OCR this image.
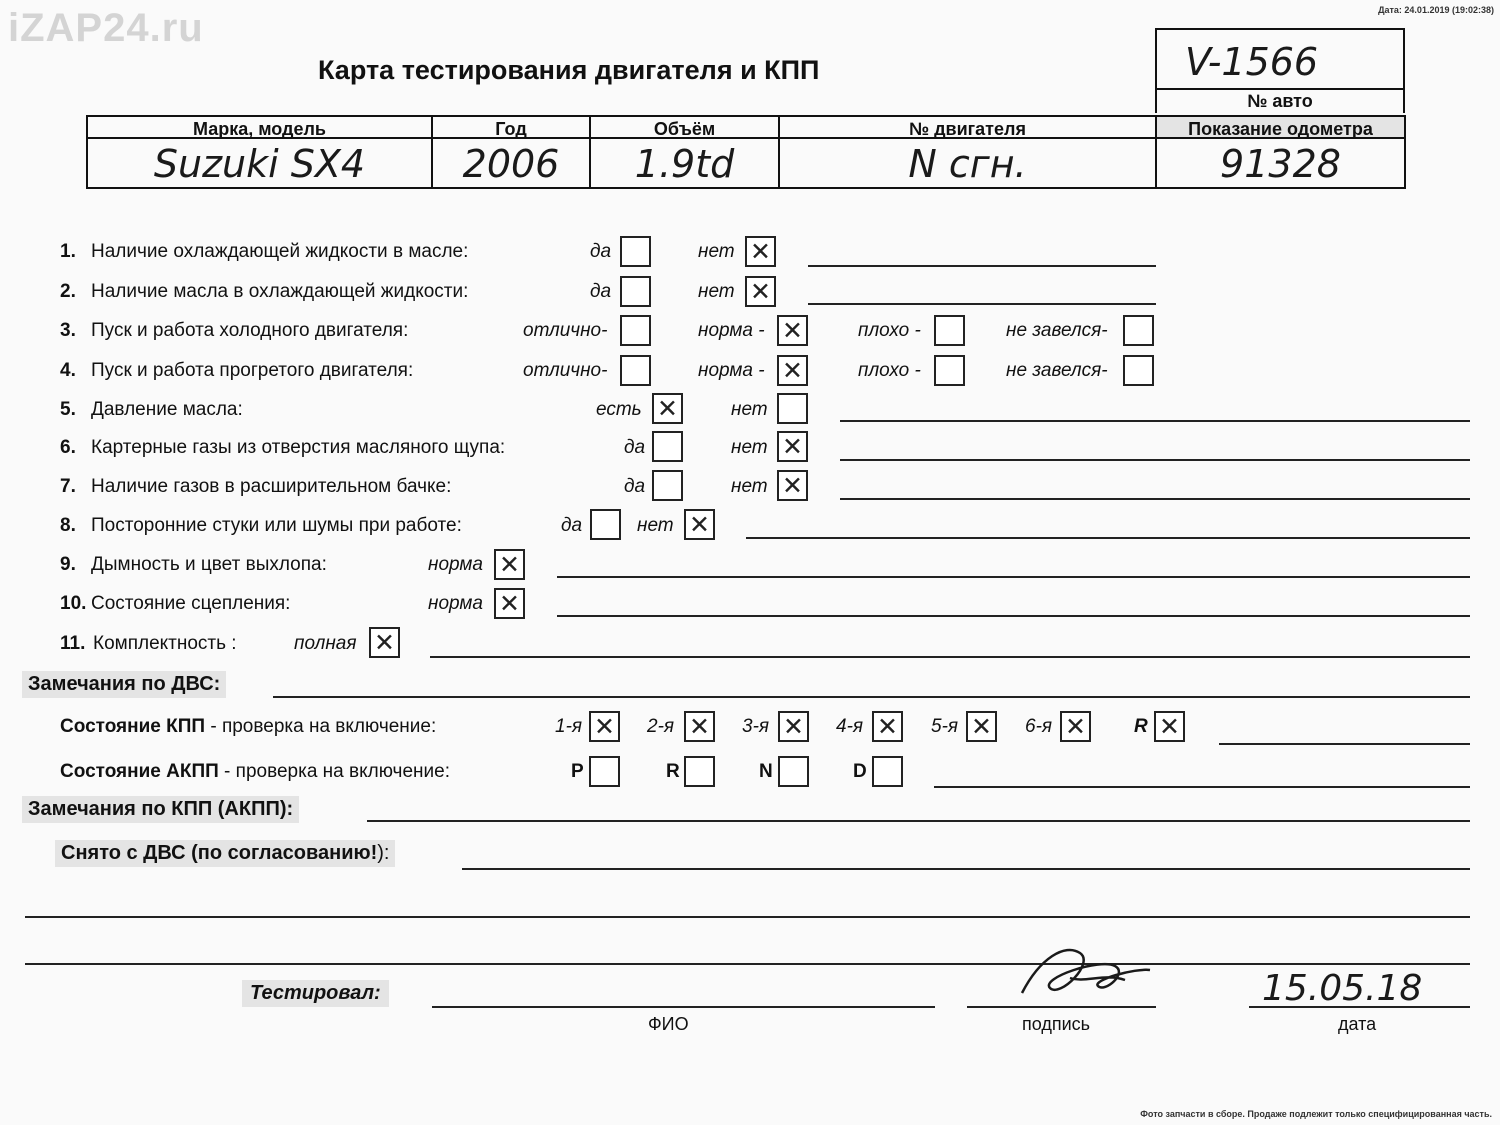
iZAP24.ru	Дата: 24.01.2019 (19:02:38)
Карта тестирования двигателя и КПП	V-1566
№ авто
Марка, модель	Год	Объём	№ двигателя	Показание одометра
Suzuki SX4	2006	1.9td	N сгн.	91328
1. Наличие охлаждающей жидкости в масле:	да	нет ✕
2. Наличие масла в охлаждающей жидкости:	да	нет ✕
3. Пуск и работа холодного двигателя:	отлично-	норма - ✕	плохо -	не завелся-
4. Пуск и работа прогретого двигателя:	отлично-	норма - ✕	плохо -	не завелся-
5. Давление масла:	есть ✕	нет
6. Картерные газы из отверстия масляного щупа:	да	нет ✕
7. Наличие газов в расширительном бачке:	да	нет ✕
8. Посторонние стуки или шумы при работе:	да	нет ✕
9. Дымность и цвет выхлопа:	норма ✕
10. Состояние сцепления:	норма ✕
11. Комплектность :	полная ✕
Замечания по ДВС:
Состояние КПП - проверка на включение:	1-я ✕ 2-я ✕ 3-я ✕ 4-я ✕ 5-я ✕ 6-я ✕	R ✕
Состояние АКПП - проверка на включение:	P	R	N	D
Замечания по КПП (АКПП):
Снято с ДВС (по согласованию!):
Тестировал:
ФИО	подпись
15.05.18
дата
Фото запчасти в сборе. Продаже подлежит только специфицированная часть.
